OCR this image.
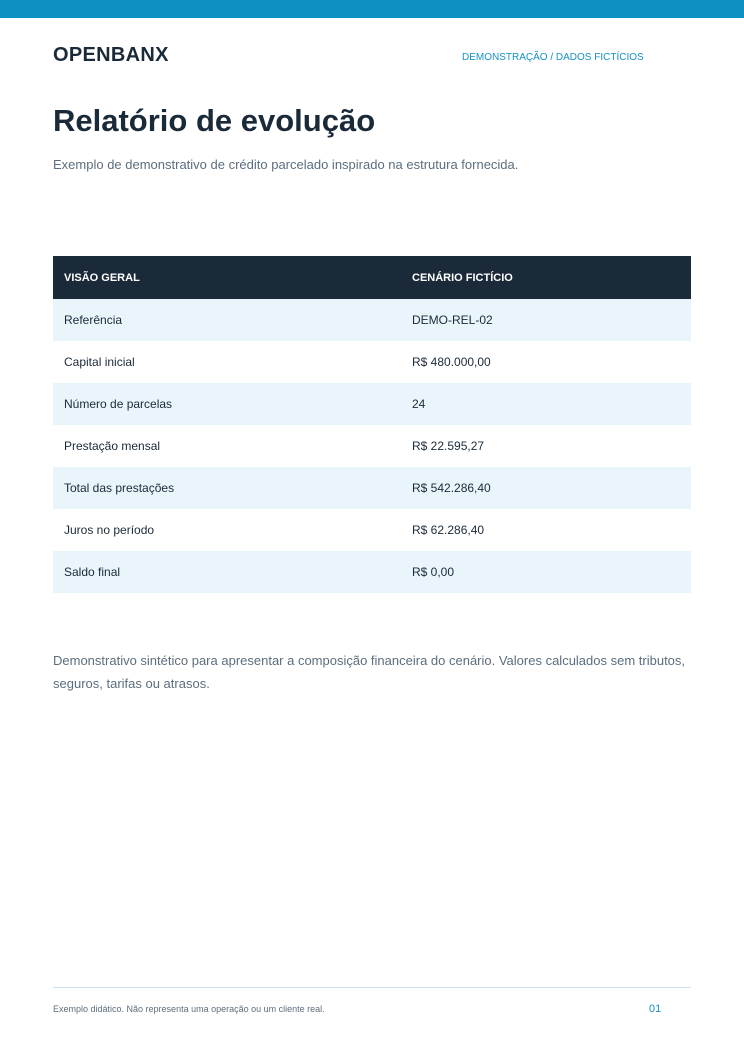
OPENBANX	DEMONSTRAÇÃO / DADOS FICTÍCIOS
Relatório de evolução
Exemplo de demonstrativo de crédito parcelado inspirado na estrutura fornecida.
VISÃO GERAL	CENÁRIO FICTÍCIO
Referência	DEMO-REL-02
Capital inicial	R$ 480.000,00
Número de parcelas	24
Prestação mensal	R$ 22.595,27
Total das prestações	R$ 542.286,40
Juros no período	R$ 62.286,40
Saldo final	R$ 0,00
Demonstrativo sintético para apresentar a composição financeira do cenário. Valores calculados sem tributos, seguros, tarifas ou atrasos.
Exemplo didático. Não representa uma operação ou um cliente real.	01
